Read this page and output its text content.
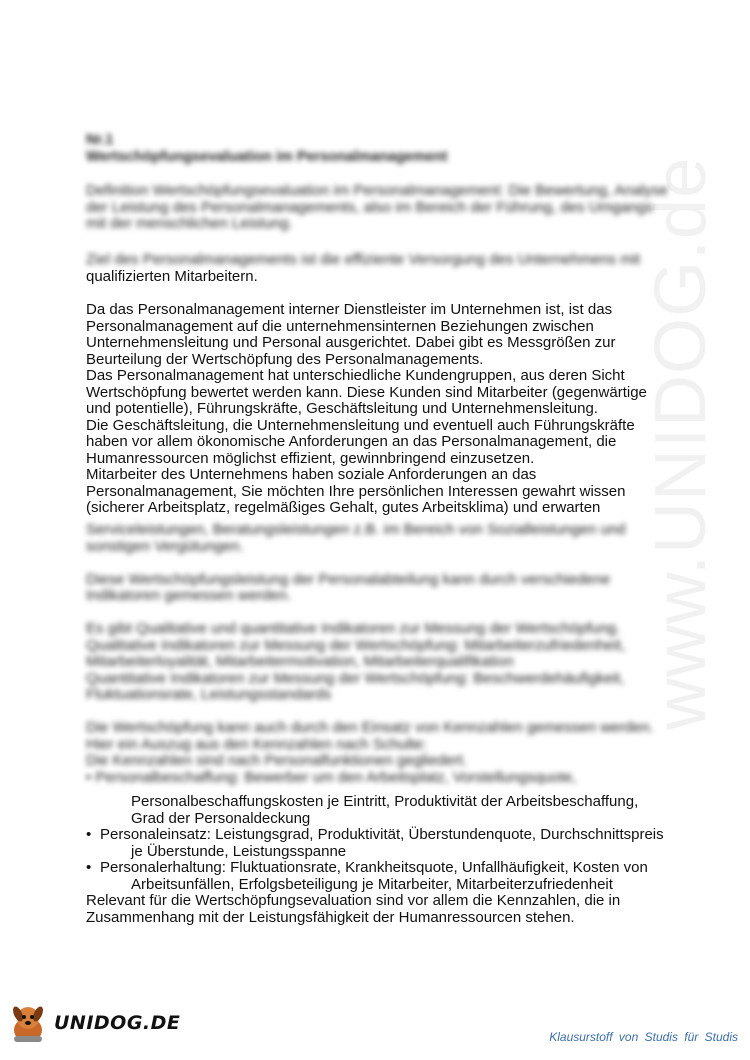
www.UNIDOG.de
Nr.1
Wertschöpfungsevaluation im Personalmanagement
Definition Wertschöpfungsevaluation im Personalmanagement: Die Bewertung, Analyse
der Leistung des Personalmanagements, also im Bereich der Führung, des Umgangs
mit der menschlichen Leistung.
Ziel des Personalmanagements ist die effiziente Versorgung des Unternehmens mit
qualifizierten Mitarbeitern.

Da das Personalmanagement interner Dienstleister im Unternehmen ist, ist das
Personalmanagement auf die unternehmensinternen Beziehungen zwischen
Unternehmensleitung und Personal ausgerichtet. Dabei gibt es Messgrößen zur
Beurteilung der Wertschöpfung des Personalmanagements.
Das Personalmanagement hat unterschiedliche Kundengruppen, aus deren Sicht
Wertschöpfung bewertet werden kann. Diese Kunden sind Mitarbeiter (gegenwärtige
und potentielle), Führungskräfte, Geschäftsleitung und Unternehmensleitung.
Die Geschäftsleitung, die Unternehmensleitung und eventuell auch Führungskräfte
haben vor allem ökonomische Anforderungen an das Personalmanagement, die
Humanressourcen möglichst effizient, gewinnbringend einzusetzen.
Mitarbeiter des Unternehmens haben soziale Anforderungen an das
Personalmanagement, Sie möchten Ihre persönlichen Interessen gewahrt wissen
(sicherer Arbeitsplatz, regelmäßiges Gehalt, gutes Arbeitsklima) und erwarten
Serviceleistungen, Beratungsleistungen z.B. im Bereich von Sozialleistungen und
sonstigen Vergütungen.

Diese Wertschöpfungsleistung der Personalabteilung kann durch verschiedene
Indikatoren gemessen werden.

Es gibt Qualitative und quantitative Indikatoren zur Messung der Wertschöpfung.
Qualitative Indikatoren zur Messung der Wertschöpfung: Mitarbeiterzufriedenheit,
Mitarbeiterloyalität, Mitarbeitermotivation, Mitarbeiterqualifikation
Quantitative Indikatoren zur Messung der Wertschöpfung: Beschwerdehäufigkeit,
Fluktuationsrate, Leistungsstandards

Die Wertschöpfung kann auch durch den Einsatz von Kennzahlen gemessen werden.
Hier ein Auszug aus den Kennzahlen nach Schulte:
Die Kennzahlen sind nach Personalfunktionen gegliedert.
• Personalbeschaffung: Bewerber um den Arbeitsplatz, Vorstellungsquote,
Personalbeschaffungskosten je Eintritt, Produktivität der Arbeitsbeschaffung,
Grad der Personaldeckung
• Personaleinsatz: Leistungsgrad, Produktivität, Überstundenquote, Durchschnittspreis
je Überstunde, Leistungsspanne
• Personalerhaltung: Fluktuationsrate, Krankheitsquote, Unfallhäufigkeit, Kosten von
Arbeitsunfällen, Erfolgsbeteiligung je Mitarbeiter, Mitarbeiterzufriedenheit
Relevant für die Wertschöpfungsevaluation sind vor allem die Kennzahlen, die in
Zusammenhang mit der Leistungsfähigkeit der Humanressourcen stehen.
UNIDOG.DE
Klausurstoff von Studis für Studis
